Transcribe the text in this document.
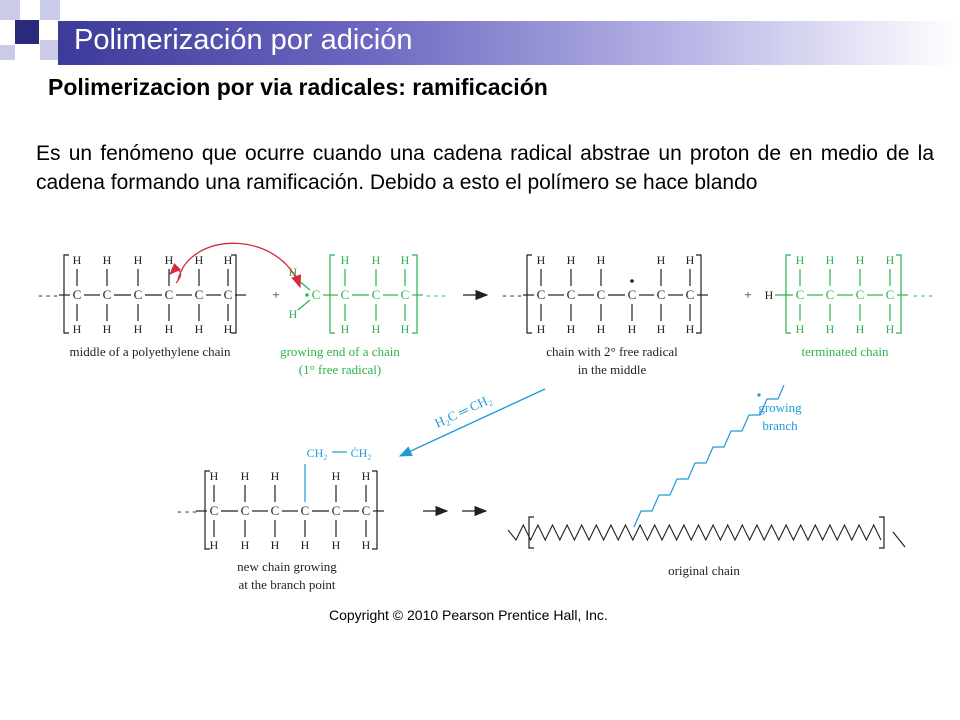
Polimerización por adición
Polimerizacion por via radicales: ramificación
Es un fenómeno que ocurre cuando una cadena radical abstrae un proton de en medio de la cadena formando una ramificación. Debido a esto el polímero se hace blando
- - - C
H
H
C
H
H
C
H
H
C
H
H
C
H
H
C
H
H
middle of a polyethylene chain
+ C C
H
H
C
H
H
C
H
H
H
H
- - -
growing end of a chain
(1° free radical)
- - - C
H
H
C
H
H
C
H
H
C
H
C
H
H
C
H
H
chain with 2° free radical
in the middle
+ H C
H
H
C
H
H
C
H
H
C
H
H
- - -
terminated chain
H₂C ═ CH₂
- - - C
H
H
C
H
H
C
H
H
C
H
C
H
H
C
H
H
CH₂ ĊH₂
new chain growing
at the branch point
original chain
growing
branch
Copyright © 2010 Pearson Prentice Hall, Inc.
